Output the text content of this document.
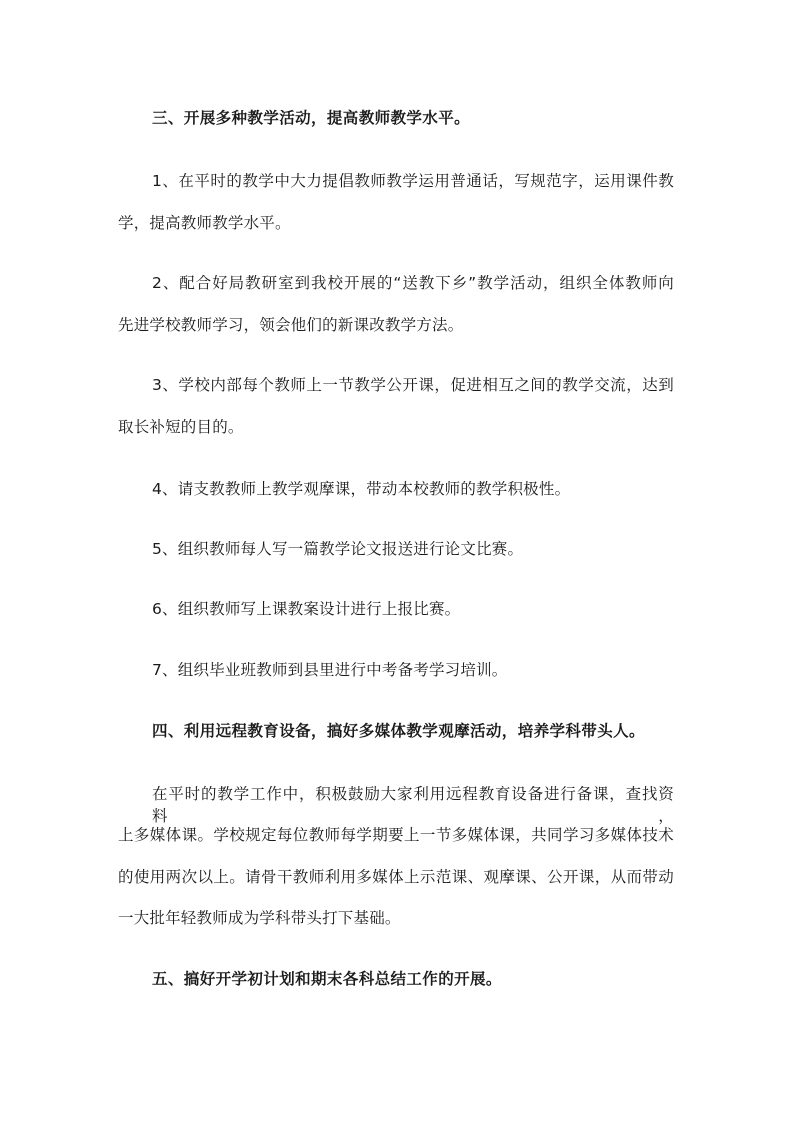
三、开展多种教学活动，提高教师教学水平。
1、在平时的教学中大力提倡教师教学运用普通话，写规范字，运用课件教
学，提高教师教学水平。
2、配合好局教研室到我校开展的“送教下乡”教学活动，组织全体教师向
先进学校教师学习，领会他们的新课改教学方法。
3、学校内部每个教师上一节教学公开课，促进相互之间的教学交流，达到
取长补短的目的。
4、请支教教师上教学观摩课，带动本校教师的教学积极性。
5、组织教师每人写一篇教学论文报送进行论文比赛。
6、组织教师写上课教案设计进行上报比赛。
7、组织毕业班教师到县里进行中考备考学习培训。
四、利用远程教育设备，搞好多媒体教学观摩活动，培养学科带头人。
在平时的教学工作中，积极鼓励大家利用远程教育设备进行备课，查找资料，
上多媒体课。学校规定每位教师每学期要上一节多媒体课，共同学习多媒体技术
的使用两次以上。请骨干教师利用多媒体上示范课、观摩课、公开课，从而带动
一大批年轻教师成为学科带头打下基础。
五、搞好开学初计划和期末各科总结工作的开展。
